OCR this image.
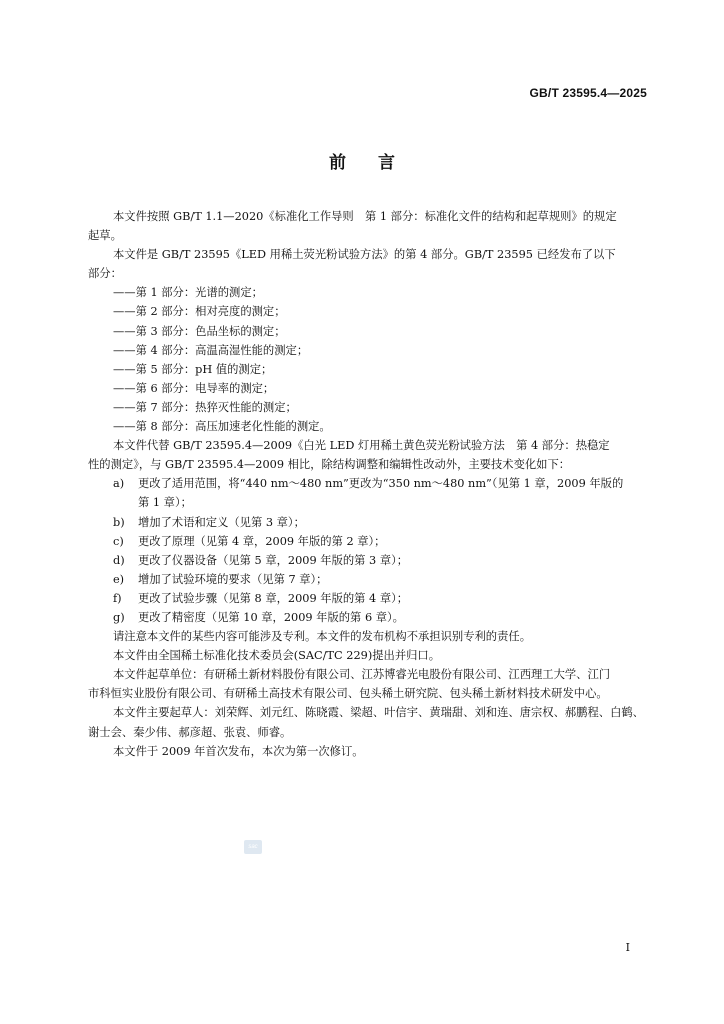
GB/T 23595.4—2025
前言
本文件按照 GB/T 1.1—2020《标准化工作导则　第 1 部分：标准化文件的结构和起草规则》的规定
起草。
本文件是 GB/T 23595《LED 用稀土荧光粉试验方法》的第 4 部分。GB/T 23595 已经发布了以下
部分：
——第 1 部分：光谱的测定；
——第 2 部分：相对亮度的测定；
——第 3 部分：色品坐标的测定；
——第 4 部分：高温高湿性能的测定；
——第 5 部分：pH 值的测定；
——第 6 部分：电导率的测定；
——第 7 部分：热猝灭性能的测定；
——第 8 部分：高压加速老化性能的测定。
本文件代替 GB/T 23595.4—2009《白光 LED 灯用稀土黄色荧光粉试验方法　第 4 部分：热稳定
性的测定》，与 GB/T 23595.4—2009 相比，除结构调整和编辑性改动外，主要技术变化如下：
a)	更改了适用范围，将“440 nm～480 nm”更改为“350 nm～480 nm”（见第 1 章，2009 年版的
第 1 章）；
b)	增加了术语和定义（见第 3 章）；
c)	更改了原理（见第 4 章，2009 年版的第 2 章）；
d)	更改了仪器设备（见第 5 章，2009 年版的第 3 章）；
e)	增加了试验环境的要求（见第 7 章）；
f)	更改了试验步骤（见第 8 章，2009 年版的第 4 章）；
g)	更改了精密度（见第 10 章，2009 年版的第 6 章）。
请注意本文件的某些内容可能涉及专利。本文件的发布机构不承担识别专利的责任。
本文件由全国稀土标准化技术委员会(SAC/TC 229)提出并归口。
本文件起草单位：有研稀土新材料股份有限公司、江苏博睿光电股份有限公司、江西理工大学、江门
市科恒实业股份有限公司、有研稀土高技术有限公司、包头稀土研究院、包头稀土新材料技术研发中心。
本文件主要起草人：刘荣辉、刘元红、陈晓霞、梁超、叶信宇、黄瑞甜、刘和连、唐宗权、郝鹏程、白鹤、
谢士会、秦少伟、郝彦超、张袁、师睿。
本文件于 2009 年首次发布，本次为第一次修订。
sac
I
